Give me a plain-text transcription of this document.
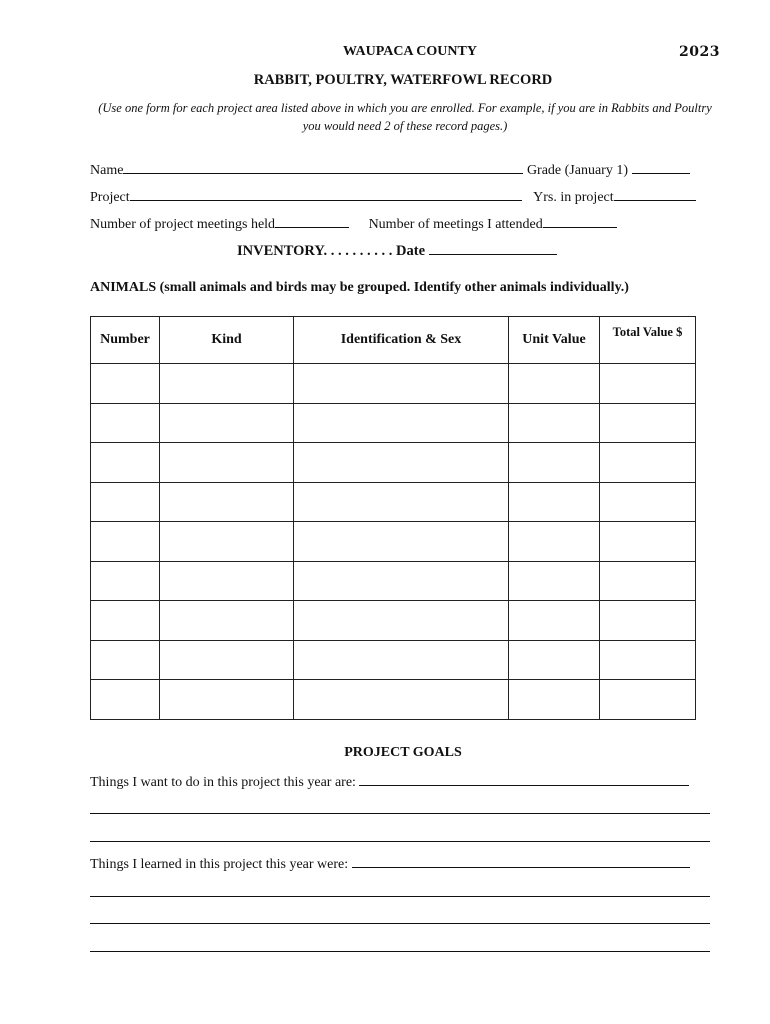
WAUPACA COUNTY	2023
RABBIT, POULTRY, WATERFOWL RECORD
(Use one form for each project area listed above in which you are enrolled. For example, if you are in Rabbits and Poultry you would need 2 of these record pages.)
Name	Grade (January 1)
Project	Yrs. in project
Number of project meetings held	Number of meetings I attended
INVENTORY. . . . . . . . . . Date
ANIMALS (small animals and birds may be grouped. Identify other animals individually.)
Number	Kind	Identification & Sex	Unit Value	Total Value $

PROJECT GOALS
Things I want to do in this project this year are:
Things I learned in this project this year were:
